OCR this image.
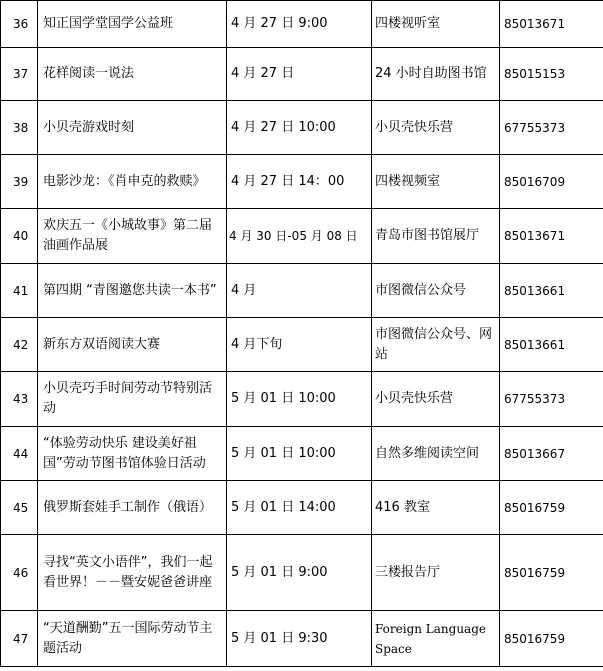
36	知正国学堂国学公益班	4 月 27 日 9:00	四楼视听室	85013671
37	花样阅读一说法	4 月 27 日	24 小时自助图书馆	85015153
38	小贝壳游戏时刻	4 月 27 日 10:00	小贝壳快乐营	67755373
39	电影沙龙：《肖申克的救赎》	4 月 27 日 14：00	四楼视频室	85016709
40	欢庆五一《小城故事》第二届油画作品展	4 月 30 日-05 月 08 日	青岛市图书馆展厅	85013671
41	第四期 “青图邀您共读一本书”	4 月	市图微信公众号	85013661
42	新东方双语阅读大赛	4 月下旬	市图微信公众号、网站	85013661
43	小贝壳巧手时间劳动节特别活动	5 月 01 日 10:00	小贝壳快乐营	67755373
44	“体验劳动快乐 建设美好祖国”劳动节图书馆体验日活动	5 月 01 日 10:00	自然多维阅读空间	85013667
45	俄罗斯套娃手工制作（俄语）	5 月 01 日 14:00	416 教室	85016759
46	寻找“英文小语伴”，我们一起看世界！－－暨安妮爸爸讲座	5 月 01 日 9:00	三楼报告厅	85016759
47	“天道酬勤”五一国际劳动节主题活动	5 月 01 日 9:30	Foreign Language Space	85016759
